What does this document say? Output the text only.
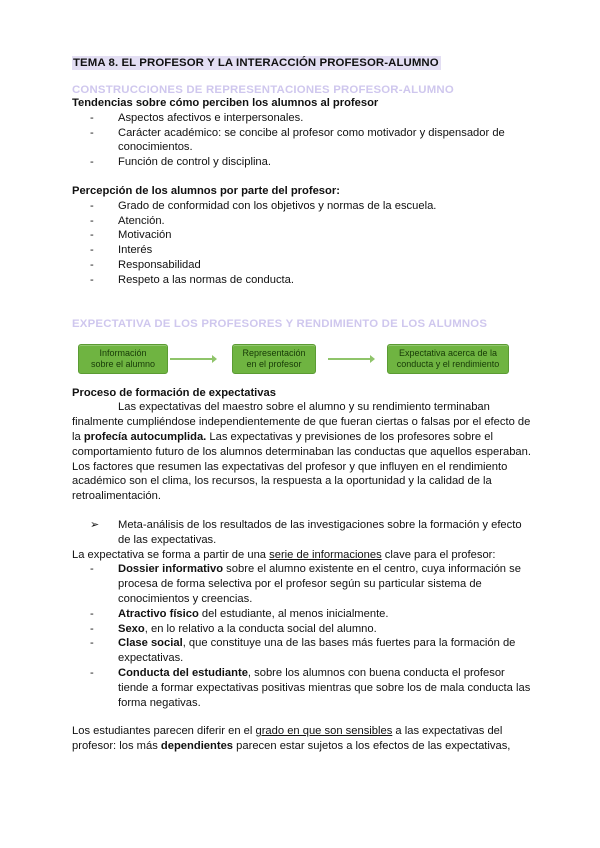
TEMA 8. EL PROFESOR Y LA INTERACCIÓN PROFESOR-ALUMNO
CONSTRUCCIONES DE REPRESENTACIONES PROFESOR-ALUMNO
Tendencias sobre cómo perciben los alumnos al profesor
- Aspectos afectivos e interpersonales.
- Carácter académico: se concibe al profesor como motivador y dispensador de conocimientos.
- Función de control y disciplina.
Percepción de los alumnos por parte del profesor:
- Grado de conformidad con los objetivos y normas de la escuela.
- Atención.
- Motivación
- Interés
- Responsabilidad
- Respeto a las normas de conducta.
EXPECTATIVA DE LOS PROFESORES Y RENDIMIENTO DE LOS ALUMNOS
Información
sobre el alumno
Representación
en el profesor
Expectativa acerca de la
conducta y el rendimiento
Proceso de formación de expectativas

Las expectativas del maestro sobre el alumno y su rendimiento terminaban finalmente cumpliéndose independientemente de que fueran ciertas o falsas por el efecto de la profecía autocumplida. Las expectativas y previsiones de los profesores sobre el comportamiento futuro de los alumnos determinaban las conductas que aquellos esperaban. Los factores que resumen las expectativas del profesor y que influyen en el rendimiento académico son el clima, los recursos, la respuesta a la oportunidad y la calidad de la retroalimentación.

➢ Meta-análisis de los resultados de las investigaciones sobre la formación y efecto de las expectativas.

La expectativa se forma a partir de una serie de informaciones clave para el profesor:

- Dossier informativo sobre el alumno existente en el centro, cuya información se procesa de forma selectiva por el profesor según su particular sistema de conocimientos y creencias.
- Atractivo físico del estudiante, al menos inicialmente.
- Sexo, en lo relativo a la conducta social del alumno.
- Clase social, que constituye una de las bases más fuertes para la formación de expectativas.
- Conducta del estudiante, sobre los alumnos con buena conducta el profesor tiende a formar expectativas positivas mientras que sobre los de mala conducta las forma negativas.

Los estudiantes parecen diferir en el grado en que son sensibles a las expectativas del profesor: los más dependientes parecen estar sujetos a los efectos de las expectativas,
